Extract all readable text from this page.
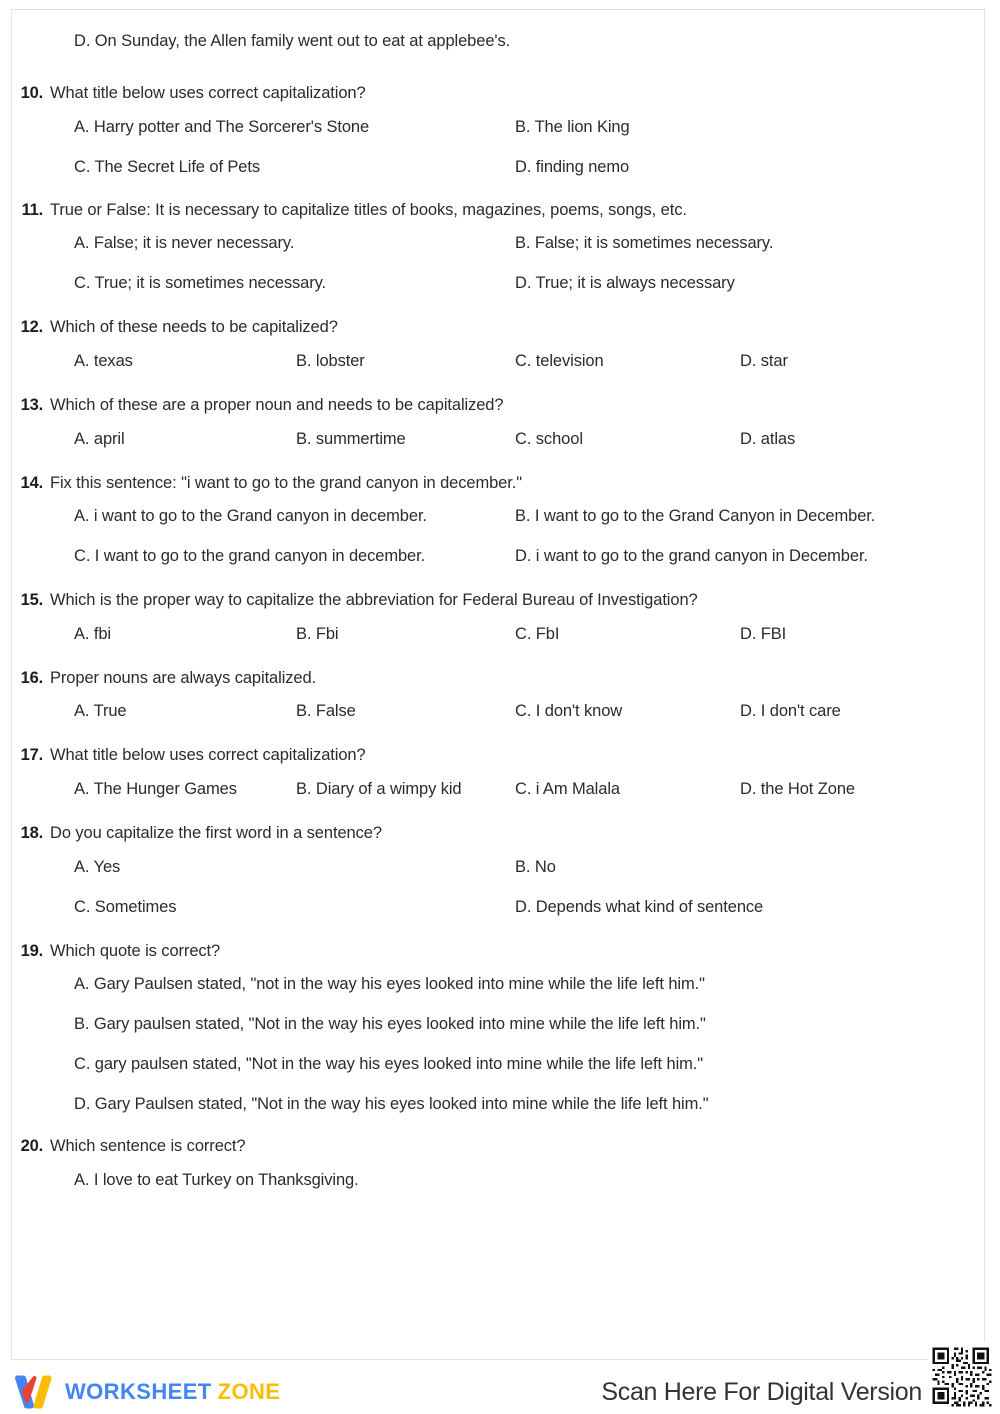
D. On Sunday, the Allen family went out to eat at applebee's.
10. What title below uses correct capitalization?
A. Harry potter and The Sorcerer's Stone	B. The lion King
C. The Secret Life of Pets	D. finding nemo
11. True or False: It is necessary to capitalize titles of books, magazines, poems, songs, etc.
A. False; it is never necessary.	B. False; it is sometimes necessary.
C. True; it is sometimes necessary.	D. True; it is always necessary
12. Which of these needs to be capitalized?
A. texas	B. lobster	C. television	D. star
13. Which of these are a proper noun and needs to be capitalized?
A. april	B. summertime	C. school	D. atlas
14. Fix this sentence: "i want to go to the grand canyon in december."
A. i want to go to the Grand canyon in december.	B. I want to go to the Grand Canyon in December.
C. I want to go to the grand canyon in december.	D. i want to go to the grand canyon in December.
15. Which is the proper way to capitalize the abbreviation for Federal Bureau of Investigation?
A. fbi	B. Fbi	C. FbI	D. FBI
16. Proper nouns are always capitalized.
A. True	B. False	C. I don't know	D. I don't care
17. What title below uses correct capitalization?
A. The Hunger Games	B. Diary of a wimpy kid	C. i Am Malala	D. the Hot Zone
18. Do you capitalize the first word in a sentence?
A. Yes	B. No
C. Sometimes	D. Depends what kind of sentence
19. Which quote is correct?
A. Gary Paulsen stated, "not in the way his eyes looked into mine while the life left him."
B. Gary paulsen stated, "Not in the way his eyes looked into mine while the life left him."
C. gary paulsen stated, "Not in the way his eyes looked into mine while the life left him."
D. Gary Paulsen stated, "Not in the way his eyes looked into mine while the life left him."
20. Which sentence is correct?
A. I love to eat Turkey on Thanksgiving.
WORKSHEET ZONE	Scan Here For Digital Version
